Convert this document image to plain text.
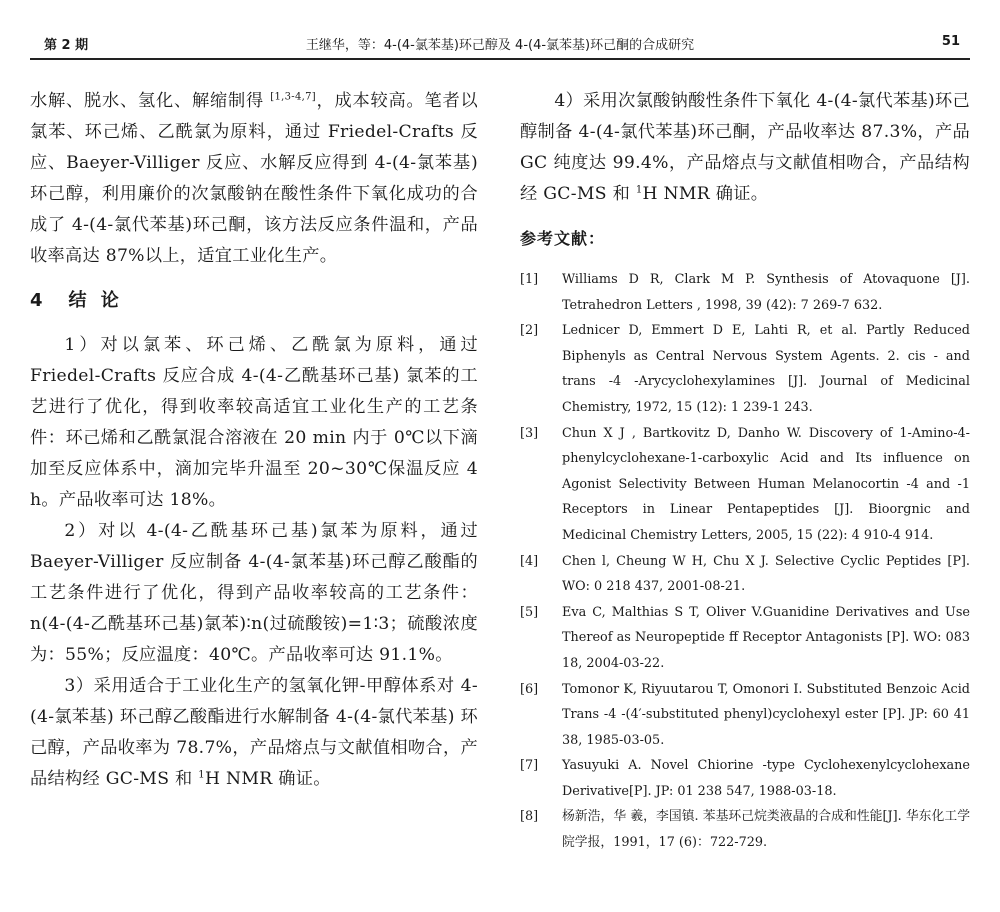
第 2 期	王继华，等：4-(4-氯苯基)环己醇及 4-(4-氯苯基)环己酮的合成研究	51

水解、脱水、氢化、解缩制得 [1,3-4,7]，成本较高。笔者以氯苯、环己烯、乙酰氯为原料，通过 Friedel-Crafts 反应、Baeyer-Villiger 反应、水解反应得到 4-(4-氯苯基)环己醇，利用廉价的次氯酸钠在酸性条件下氧化成功的合成了 4-(4-氯代苯基)环己酮，该方法反应条件温和，产品收率高达 87%以上，适宜工业化生产。

4　结 论

1）对以氯苯、环己烯、乙酰氯为原料，通过 Friedel-Crafts 反应合成 4-(4-乙酰基环己基) 氯苯的工艺进行了优化，得到收率较高适宜工业化生产的工艺条件：环己烯和乙酰氯混合溶液在 20 min 内于 0℃以下滴加至反应体系中，滴加完毕升温至 20~30℃保温反应 4 h。产品收率可达 18%。

2）对以 4-(4-乙酰基环己基)氯苯为原料，通过 Baeyer-Villiger 反应制备 4-(4-氯苯基)环己醇乙酸酯的工艺条件进行了优化，得到产品收率较高的工艺条件：n(4-(4-乙酰基环己基)氯苯)∶n(过硫酸铵)=1∶3；硫酸浓度为：55%；反应温度：40℃。产品收率可达 91.1%。

3）采用适合于工业化生产的氢氧化钾-甲醇体系对 4-(4-氯苯基) 环己醇乙酸酯进行水解制备 4-(4-氯代苯基) 环己醇，产品收率为 78.7%，产品熔点与文献值相吻合，产品结构经 GC-MS 和 $^1$H NMR 确证。

4）采用次氯酸钠酸性条件下氧化 4-(4-氯代苯基)环己醇制备 4-(4-氯代苯基)环己酮，产品收率达 87.3%，产品 GC 纯度达 99.4%，产品熔点与文献值相吻合，产品结构经 GC-MS 和 $^1$H NMR 确证。

参考文献：
[1]	Williams D R, Clark M P. Synthesis of Atovaquone [J]. Tetrahedron Letters , 1998, 39 (42): 7 269-7 632.
[2]	Lednicer D, Emmert D E, Lahti R, et al. Partly Reduced Biphenyls as Central Nervous System Agents. 2. cis - and trans -4 -Arycyclohexylamines [J]. Journal of Medicinal Chemistry, 1972, 15 (12): 1 239-1 243.
[3]	Chun X J , Bartkovitz D, Danho W. Discovery of 1-Amino-4-phenylcyclohexane-1-carboxylic Acid and Its influence on Agonist Selectivity Between Human Melanocortin -4 and -1 Receptors in Linear Pentapeptides [J]. Bioorgnic and Medicinal Chemistry Letters, 2005, 15 (22): 4 910-4 914.
[4]	Chen l, Cheung W H, Chu X J. Selective Cyclic Peptides [P]. WO: 0 218 437, 2001-08-21.
[5]	Eva C, Malthias S T, Oliver V.Guanidine Derivatives and Use Thereof as Neuropeptide ff Receptor Antagonists [P]. WO: 083 18, 2004-03-22.
[6]	Tomonor K, Riyuutarou T, Omonori I. Substituted Benzoic Acid Trans -4 -(4′-substituted phenyl)cyclohexyl ester [P]. JP: 60 41 38, 1985-03-05.
[7]	Yasuyuki A. Novel Chiorine -type Cyclohexenylcyclohexane Derivative[P]. JP: 01 238 547, 1988-03-18.
[8]	杨新浩，华 羲，李国镇. 苯基环己烷类液晶的合成和性能[J]. 华东化工学院学报，1991，17 (6)：722-729.
